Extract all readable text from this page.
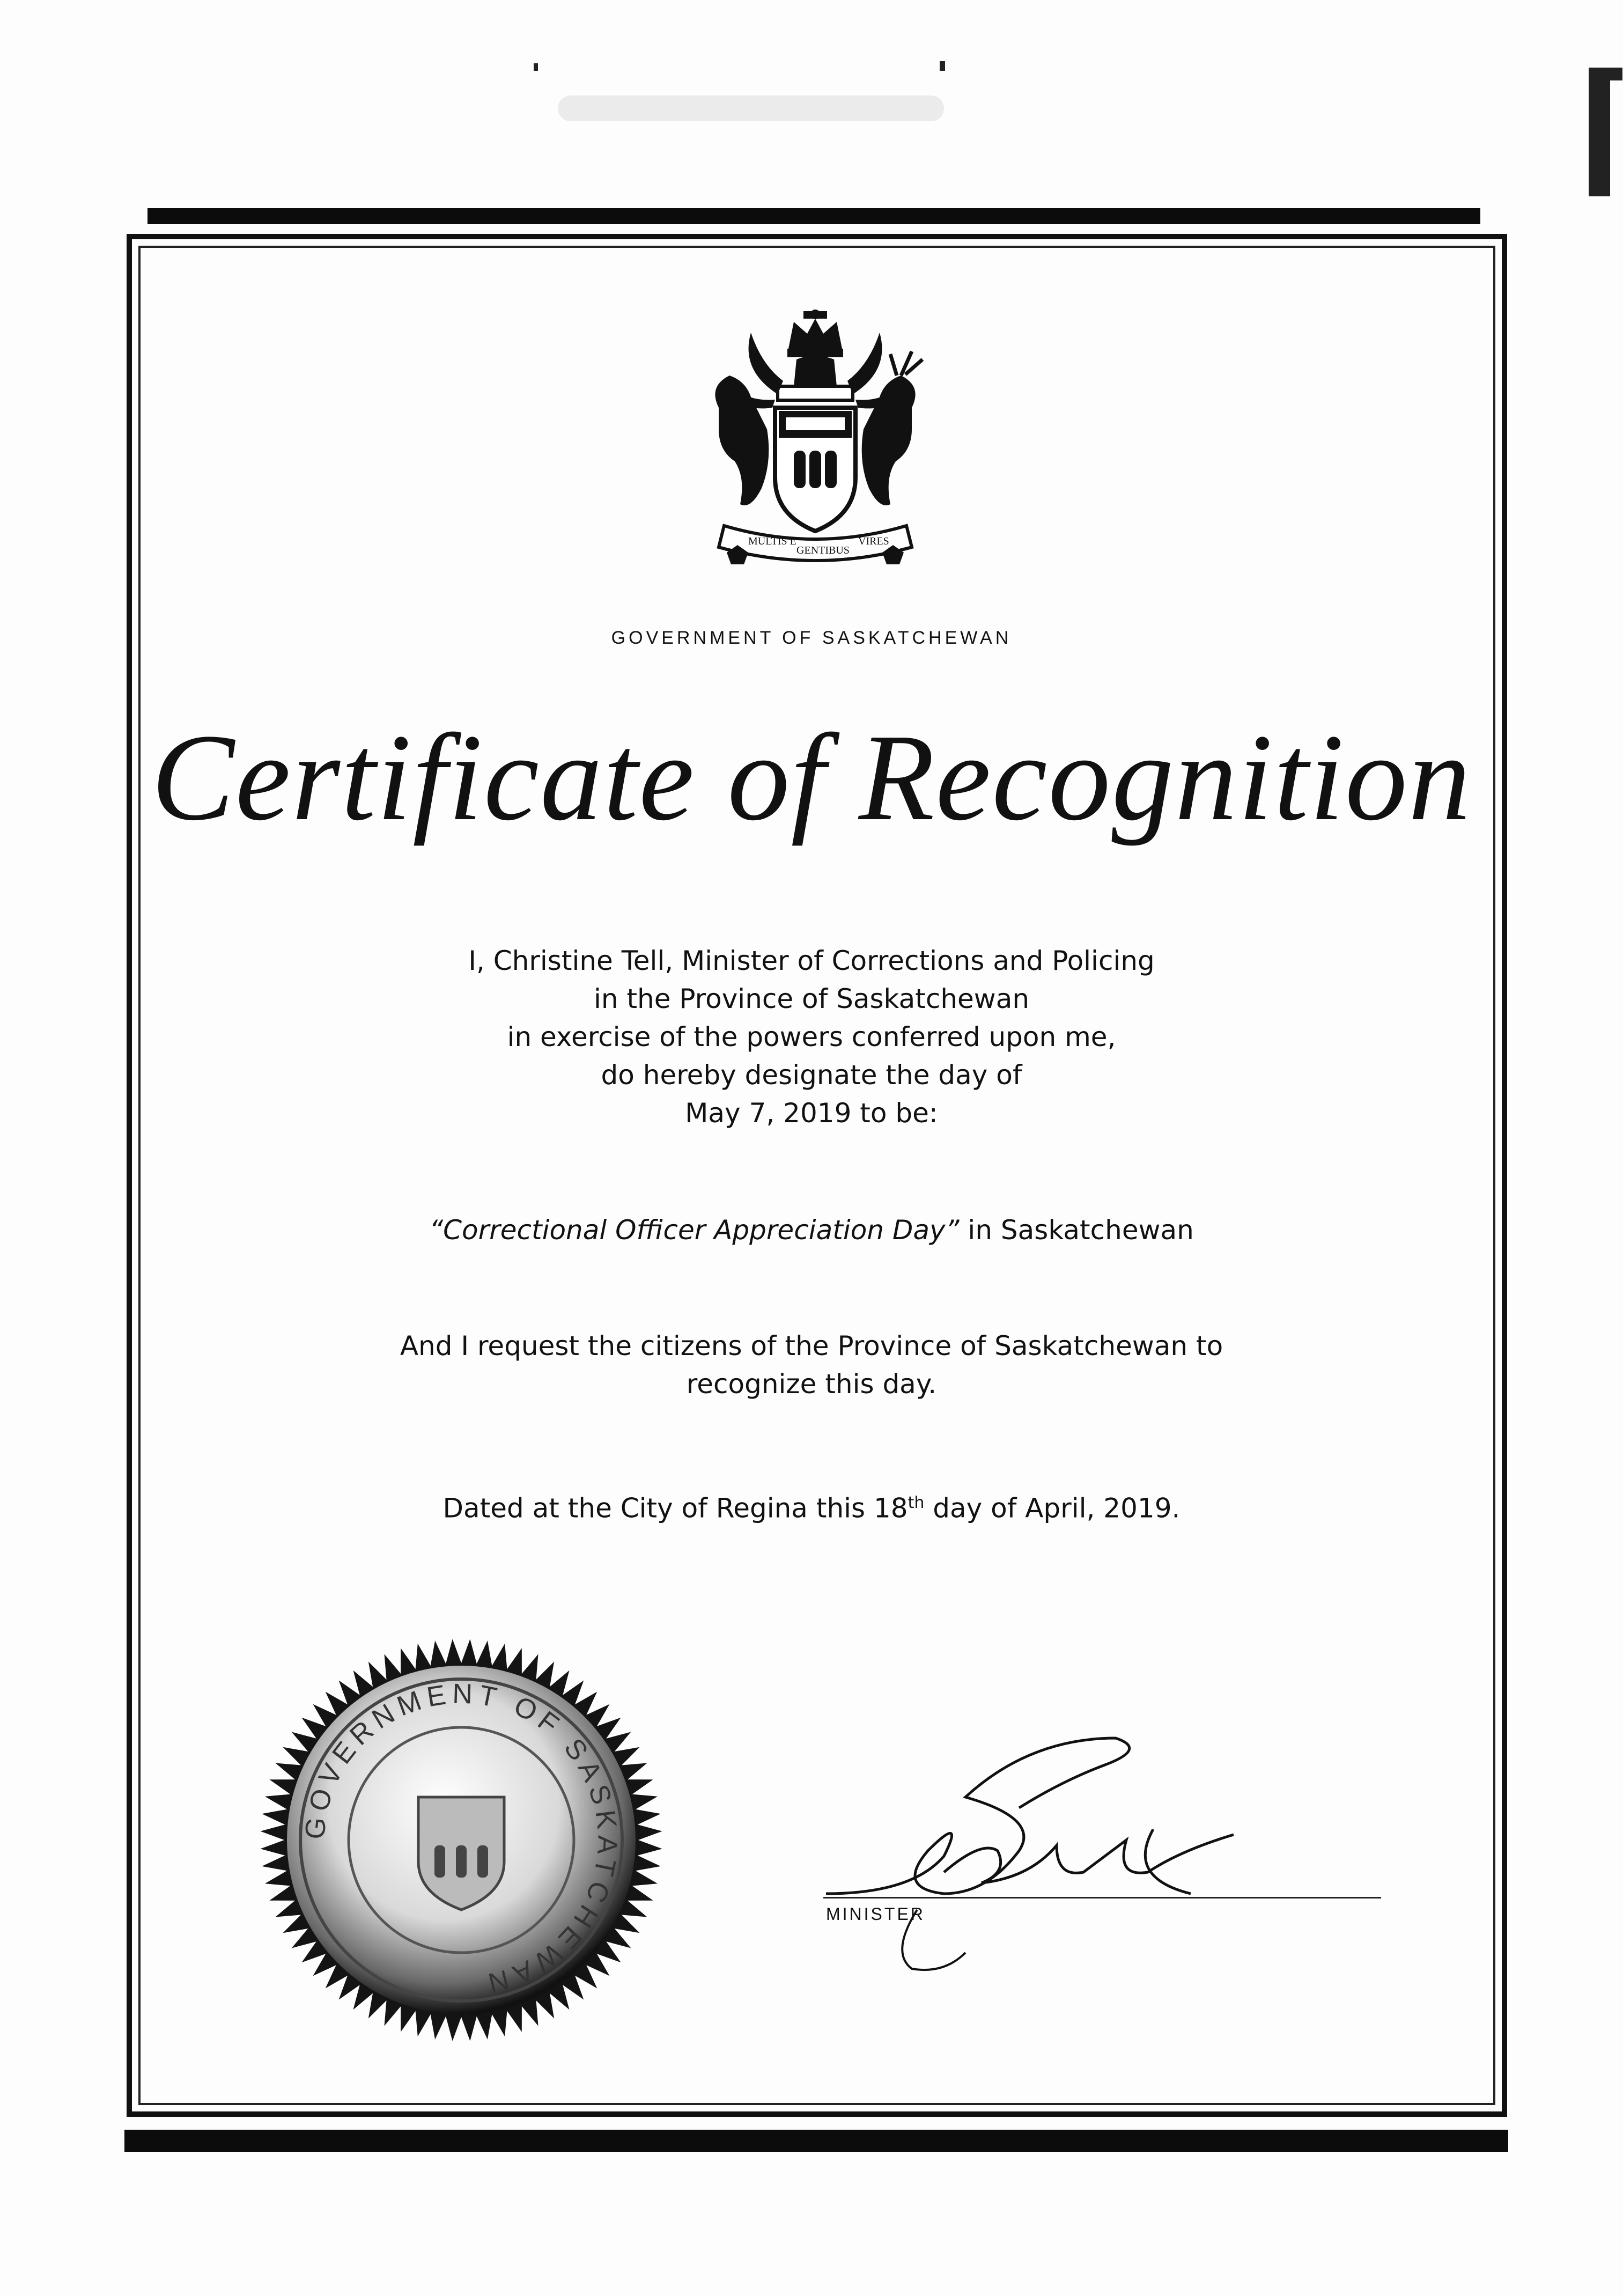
MULTIS E
GENTIBUS
VIRES
GOVERNMENT OF SASKATCHEWAN
Certificate of Recognition
I, Christine Tell, Minister of Corrections and Policing
in the Province of Saskatchewan
in exercise of the powers conferred upon me,
do hereby designate the day of
May 7, 2019 to be:
“Correctional Officer Appreciation Day” in Saskatchewan
And I request the citizens of the Province of Saskatchewan to
recognize this day.
Dated at the City of Regina this 18th day of April, 2019.
GOVERNMENT OF SASKATCHEWAN
MINISTER
